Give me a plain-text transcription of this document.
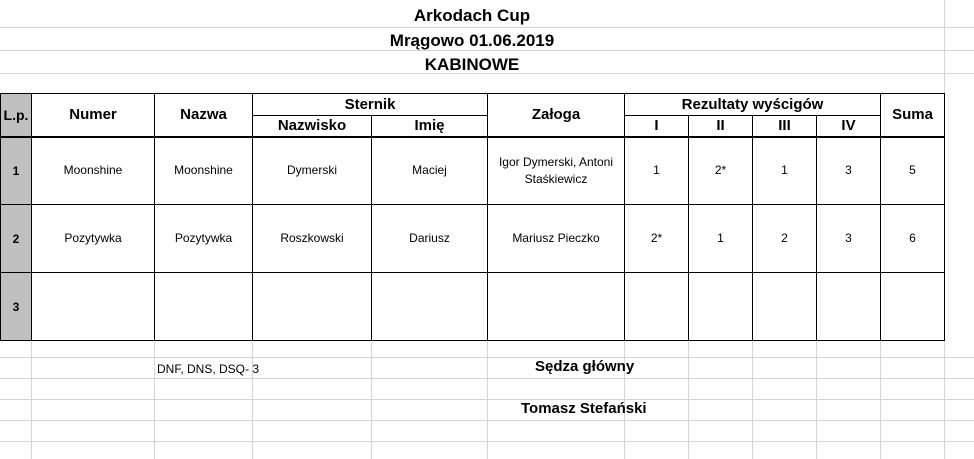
Arkodach Cup
Mrągowo 01.06.2019
KABINOWE
L.p.	Numer	Nazwa	Sternik		Załoga	Rezultaty wyścigów				Suma
			Nazwisko	Imię		I	II	III	IV	
1	Moonshine	Moonshine	Dymerski	Maciej	Igor Dymerski, Antoni Staśkiewicz	1	2*	1	3	5
2	Pozytywka	Pozytywka	Roszkowski	Dariusz	Mariusz Pieczko	2*	1	2	3	6
3										
DNF, DNS, DSQ- 3	Sędza główny
Tomasz Stefański
